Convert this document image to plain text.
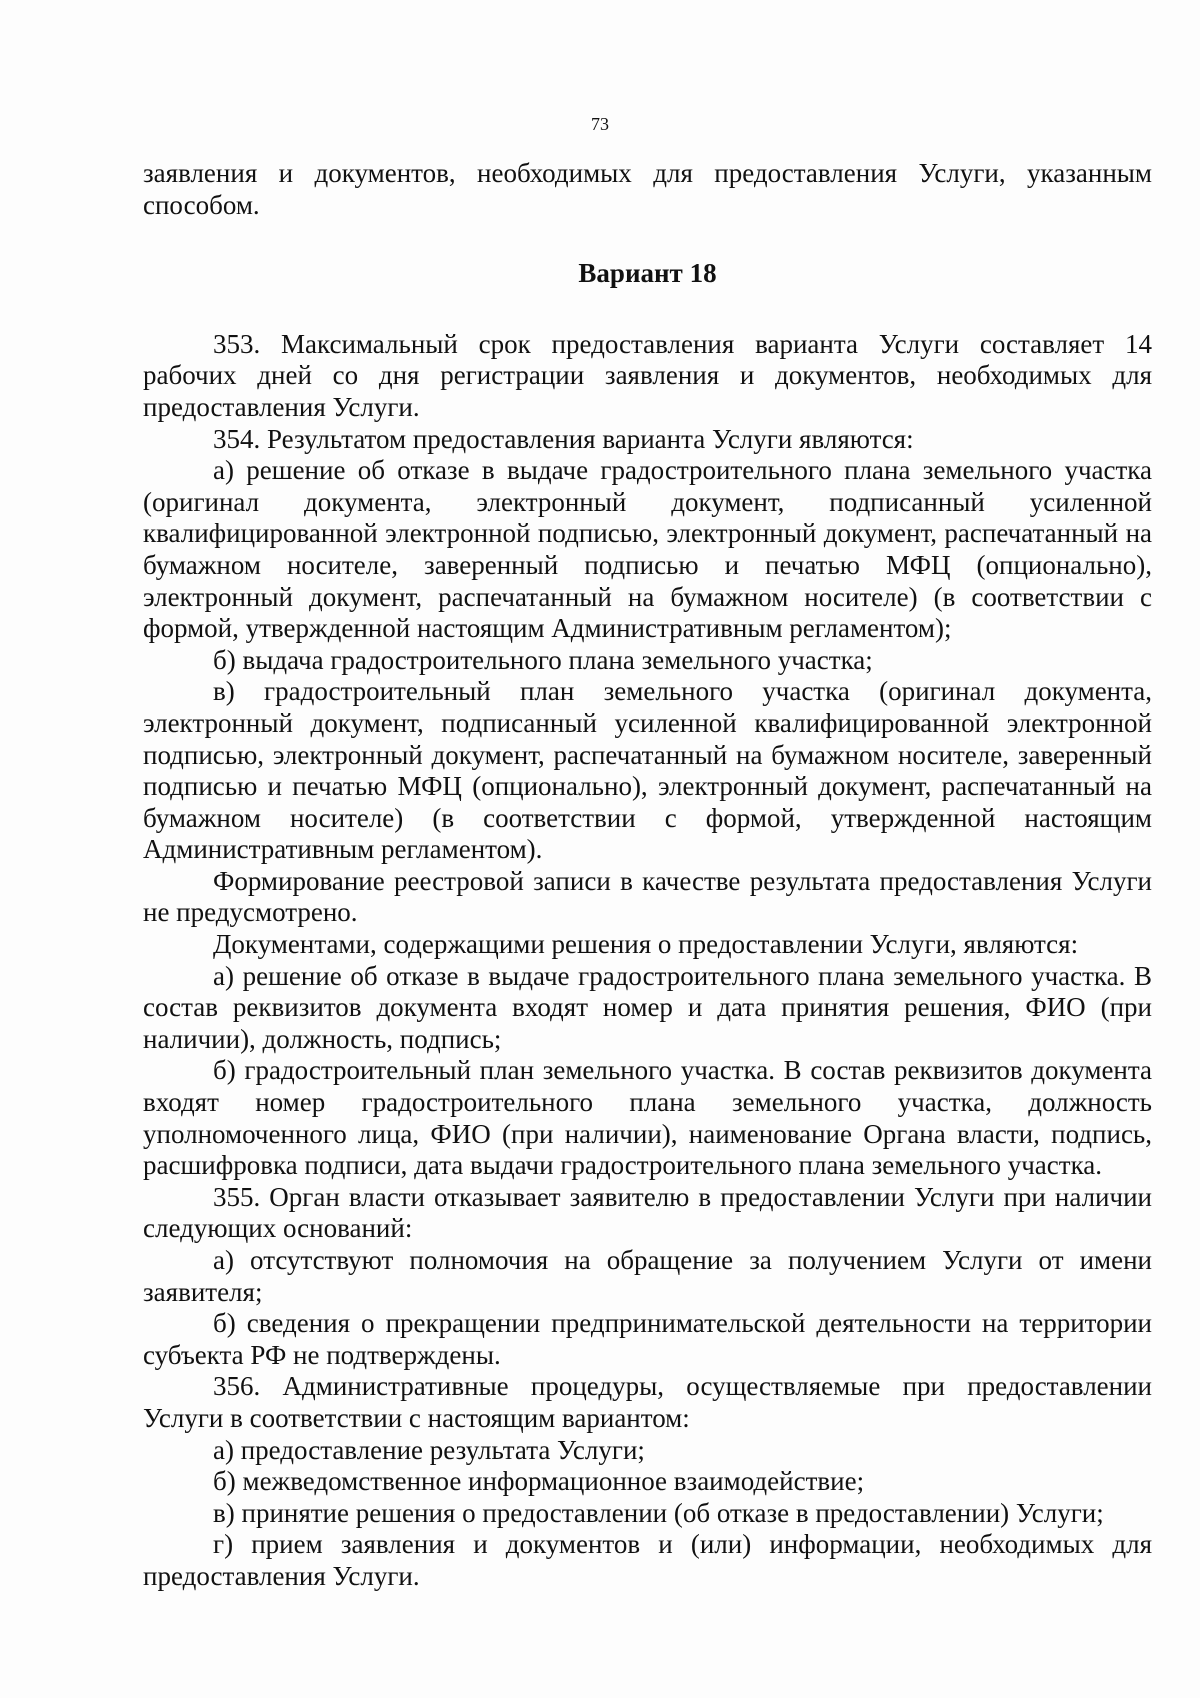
73

заявления и документов, необходимых для предоставления Услуги, указанным способом.

Вариант 18

353. Максимальный срок предоставления варианта Услуги составляет 14 рабочих дней со дня регистрации заявления и документов, необходимых для предоставления Услуги.

354. Результатом предоставления варианта Услуги являются:

а) решение об отказе в выдаче градостроительного плана земельного участка (оригинал документа, электронный документ, подписанный усиленной квалифицированной электронной подписью, электронный документ, распечатанный на бумажном носителе, заверенный подписью и печатью МФЦ (опционально), электронный документ, распечатанный на бумажном носителе) (в соответствии с формой, утвержденной настоящим Административным регламентом);

б) выдача градостроительного плана земельного участка;

в) градостроительный план земельного участка (оригинал документа, электронный документ, подписанный усиленной квалифицированной электронной подписью, электронный документ, распечатанный на бумажном носителе, заверенный подписью и печатью МФЦ (опционально), электронный документ, распечатанный на бумажном носителе) (в соответствии с формой, утвержденной настоящим Административным регламентом).

Формирование реестровой записи в качестве результата предоставления Услуги не предусмотрено.

Документами, содержащими решения о предоставлении Услуги, являются:

а) решение об отказе в выдаче градостроительного плана земельного участка. В состав реквизитов документа входят номер и дата принятия решения, ФИО (при наличии), должность, подпись;

б) градостроительный план земельного участка. В состав реквизитов документа входят номер градостроительного плана земельного участка, должность уполномоченного лица, ФИО (при наличии), наименование Органа власти, подпись, расшифровка подписи, дата выдачи градостроительного плана земельного участка.

355. Орган власти отказывает заявителю в предоставлении Услуги при наличии следующих оснований:

а) отсутствуют полномочия на обращение за получением Услуги от имени заявителя;

б) сведения о прекращении предпринимательской деятельности на территории субъекта РФ не подтверждены.

356. Административные процедуры, осуществляемые при предоставлении Услуги в соответствии с настоящим вариантом:

а) предоставление результата Услуги;

б) межведомственное информационное взаимодействие;

в) принятие решения о предоставлении (об отказе в предоставлении) Услуги;

г) прием заявления и документов и (или) информации, необходимых для предоставления Услуги.
